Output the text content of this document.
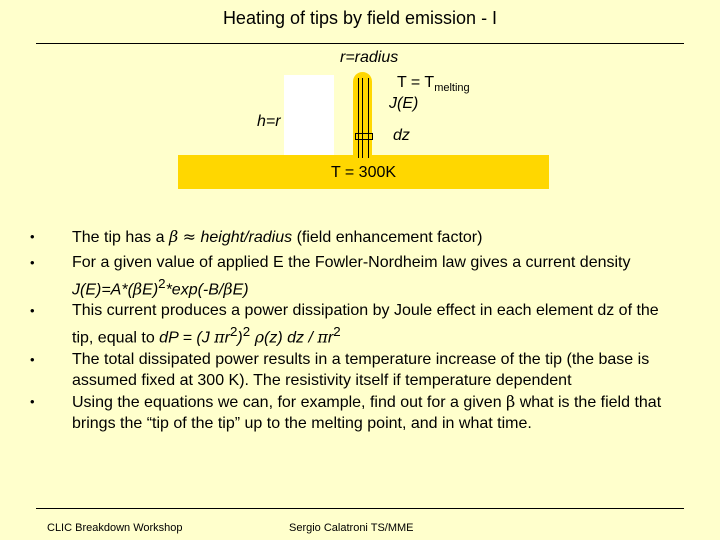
Heating of tips by field emission - I
T = 300K
r=radius
$T = T_{melting}$
J(E)
h=r
dz
•	The tip has a β ≈ height/radius (field enhancement factor)
•	For a given value of applied E the Fowler-Nordheim law gives a current density $J(E)=A*(\beta E)^2*\exp(-B/\beta E)$
•	This current produces a power dissipation by Joule effect in each element dz of the tip, equal to dP = (J $\pi r^2)^2$ ρ(z) dz / $\pi r^2$
•	The total dissipated power results in a temperature increase of the tip (the base is assumed fixed at 300 K). The resistivity itself if temperature dependent
•	Using the equations we can, for example, find out for a given β what is the field that brings the “tip of the tip” up to the melting point, and in what time.
CLIC Breakdown Workshop	Sergio Calatroni TS/MME
